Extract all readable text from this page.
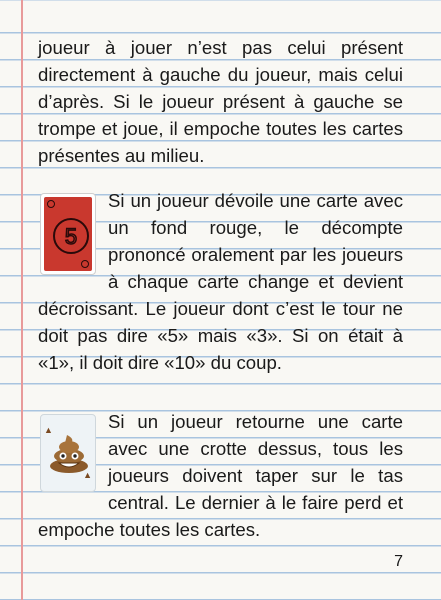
joueur à jouer n’est pas celui présent directement à gauche du joueur, mais celui d’après. Si le joueur présent à gauche se trompe et joue, il empoche toutes les cartes présentes au milieu.
5
Si un joueur dévoile une carte avec un fond rouge, le décompte prononcé oralement par les joueurs à chaque carte change et devient décroissant. Le joueur dont c’est le tour ne doit pas dire «5» mais «3». Si on était à «1», il doit dire «10» du coup.
▲
▲
Si un joueur retourne une carte avec une crotte dessus, tous les joueurs doivent taper sur le tas central. Le dernier à le faire perd et empoche toutes les cartes.
7
